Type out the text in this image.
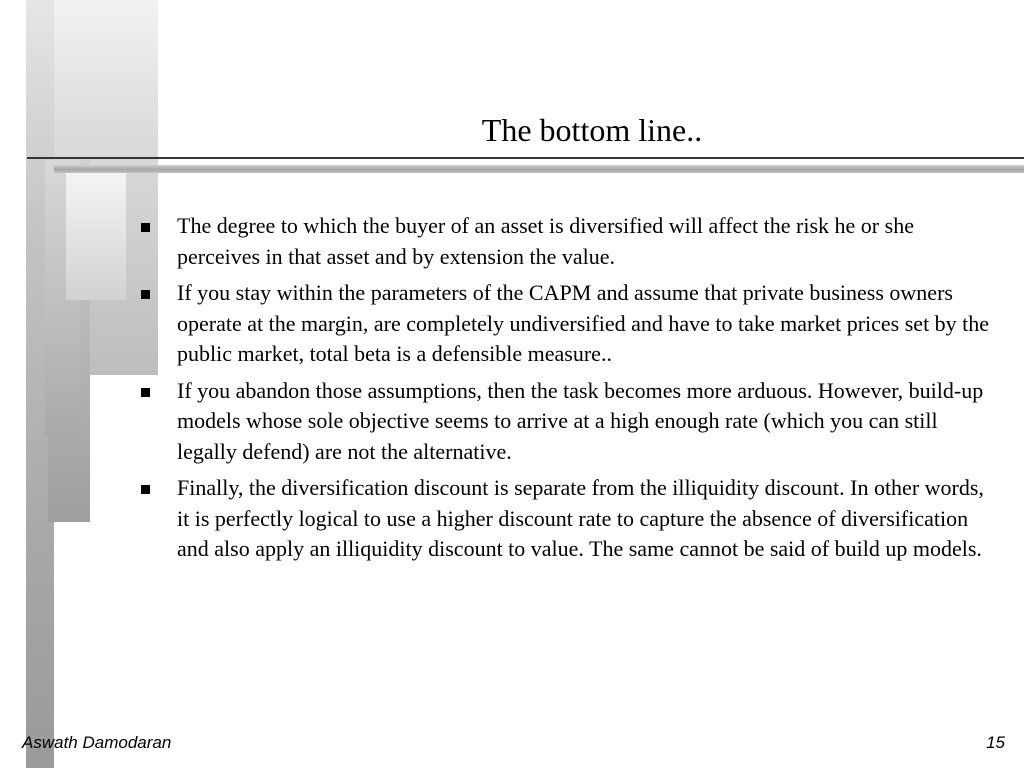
The bottom line..
The degree to which the buyer of an asset is diversified will affect the risk he or she perceives in that asset and by extension the value.
If you stay within the parameters of the CAPM and assume that private business owners operate at the margin, are completely undiversified and have to take market prices set by the public market, total beta is a defensible measure..
If you abandon those assumptions, then the task becomes more arduous. However, build-up models whose sole objective seems to arrive at a high enough rate (which you can still legally defend) are not the alternative.
Finally, the diversification discount is separate from the illiquidity discount. In other words, it is perfectly logical to use a higher discount rate to capture the absence of diversification and also apply an illiquidity discount to value. The same cannot be said of build up models.
Aswath Damodaran	15
